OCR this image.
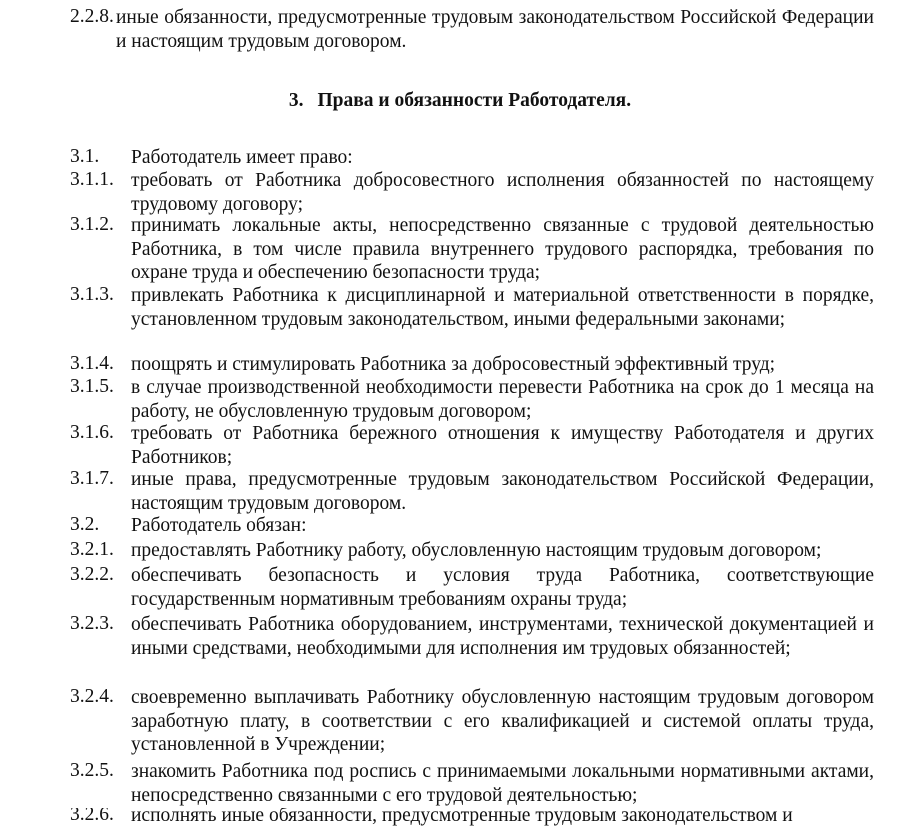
2.2.8. иные обязанности, предусмотренные трудовым законодательством Российской Федерации и настоящим трудовым договором.
3. Права и обязанности Работодателя.
3.1. Работодатель имеет право:
3.1.1. требовать от Работника добросовестного исполнения обязанностей по настоящему трудовому договору;
3.1.2. принимать локальные акты, непосредственно связанные с трудовой деятельностью Работника, в том числе правила внутреннего трудового распорядка, требования по охране труда и обеспечению безопасности труда;
3.1.3. привлекать Работника к дисциплинарной и материальной ответственности в порядке, установленном трудовым законодательством, иными федеральными законами;
3.1.4. поощрять и стимулировать Работника за добросовестный эффективный труд;
3.1.5. в случае производственной необходимости перевести Работника на срок до 1 месяца на работу, не обусловленную трудовым договором;
3.1.6. требовать от Работника бережного отношения к имуществу Работодателя и других Работников;
3.1.7. иные права, предусмотренные трудовым законодательством Российской Федерации, настоящим трудовым договором.
3.2. Работодатель обязан:
3.2.1. предоставлять Работнику работу, обусловленную настоящим трудовым договором;
3.2.2. обеспечивать безопасность и условия труда Работника, соответствующие государственным нормативным требованиям охраны труда;
3.2.3. обеспечивать Работника оборудованием, инструментами, технической документацией и иными средствами, необходимыми для исполнения им трудовых обязанностей;
3.2.4. своевременно выплачивать Работнику обусловленную настоящим трудовым договором заработную плату, в соответствии с его квалификацией и системой оплаты труда, установленной в Учреждении;
3.2.5. знакомить Работника под роспись с принимаемыми локальными нормативными актами, непосредственно связанными с его трудовой деятельностью;
3.2.6. исполнять иные обязанности, предусмотренные трудовым законодательством и
